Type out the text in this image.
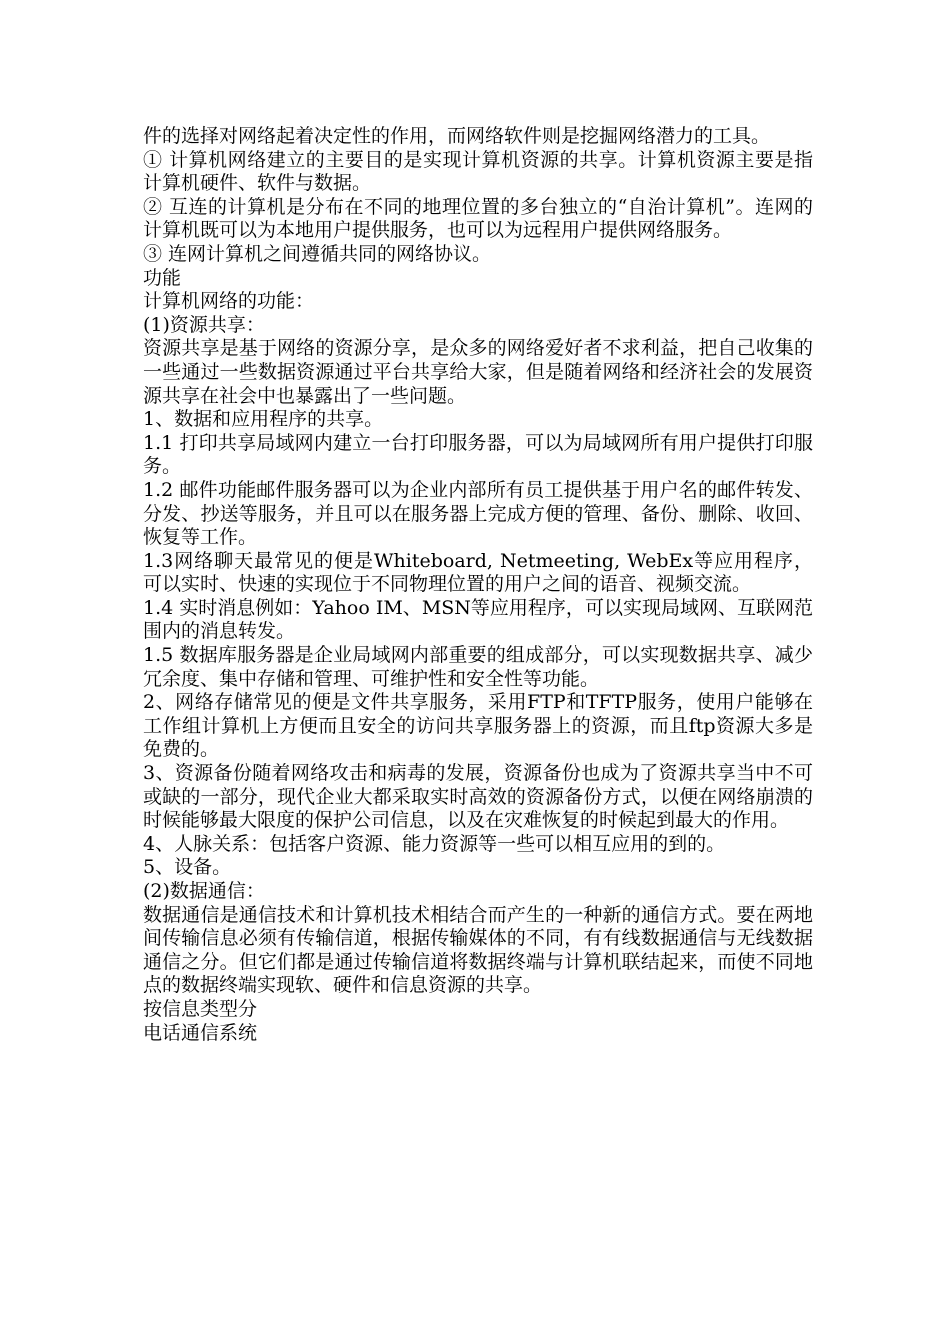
件的选择对网络起着决定性的作用，而网络软件则是挖掘网络潜力的工具。

① 计算机网络建立的主要目的是实现计算机资源的共享。计算机资源主要是指计算机硬件、软件与数据。

② 互连的计算机是分布在不同的地理位置的多台独立的“自治计算机”。连网的计算机既可以为本地用户提供服务，也可以为远程用户提供网络服务。

③ 连网计算机之间遵循共同的网络协议。

功能

计算机网络的功能：

(1)资源共享：

资源共享是基于网络的资源分享，是众多的网络爱好者不求利益，把自己收集的一些通过一些数据资源通过平台共享给大家，但是随着网络和经济社会的发展资源共享在社会中也暴露出了一些问题。

1、数据和应用程序的共享。

1.1 打印共享局域网内建立一台打印服务器，可以为局域网所有用户提供打印服务。

1.2 邮件功能邮件服务器可以为企业内部所有员工提供基于用户名的邮件转发、分发、抄送等服务，并且可以在服务器上完成方便的管理、备份、删除、收回、恢复等工作。

1.3网络聊天最常见的便是Whiteboard, Netmeeting, WebEx等应用程序，可以实时、快速的实现位于不同物理位置的用户之间的语音、视频交流。

1.4 实时消息例如：Yahoo IM、MSN等应用程序，可以实现局域网、互联网范围内的消息转发。

1.5 数据库服务器是企业局域网内部重要的组成部分，可以实现数据共享、减少冗余度、集中存储和管理、可维护性和安全性等功能。

2、网络存储常见的便是文件共享服务，采用FTP和TFTP服务，使用户能够在工作组计算机上方便而且安全的访问共享服务器上的资源，而且ftp资源大多是免费的。

3、资源备份随着网络攻击和病毒的发展，资源备份也成为了资源共享当中不可或缺的一部分，现代企业大都采取实时高效的资源备份方式，以便在网络崩溃的时候能够最大限度的保护公司信息，以及在灾难恢复的时候起到最大的作用。

4、人脉关系：包括客户资源、能力资源等一些可以相互应用的到的。

5、设备。

(2)数据通信：

数据通信是通信技术和计算机技术相结合而产生的一种新的通信方式。要在两地间传输信息必须有传输信道，根据传输媒体的不同，有有线数据通信与无线数据通信之分。但它们都是通过传输信道将数据终端与计算机联结起来，而使不同地点的数据终端实现软、硬件和信息资源的共享。

按信息类型分

电话通信系统
